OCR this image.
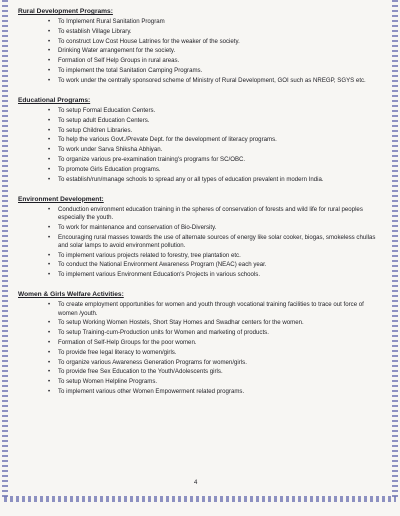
Rural Development Programs:
• To Implement Rural Sanitation Program
• To establish Village Library.
• To construct Low Cost House Latrines for the weaker of the society.
• Drinking Water arrangement for the society.
• Formation of Self Help Groups in rural areas.
• To implement the total Sanitation Camping Programs.
• To work under the centrally sponsored scheme of Ministry of Rural Development, GOI such as NREGP, SGYS etc.
Educational Programs:
• To setup Formal Education Centers.
• To setup adult Education Centers.
• To setup Children Libraries.
• To help the various Govt./Prevate Dept. for the development of literacy programs.
• To work under Sarva Shiksha Abhiyan.
• To organize various pre-examination training's programs for SC/OBC.
• To promote Girls Education programs.
• To establish/run/manage schools to spread any or all types of education prevalent in modern India.
Environment Development:
• Conduction environment education training in the spheres of conservation of forests and wild life for rural peoples especially the youth.
• To work for maintenance and conservation of Bio-Diversity.
• Encouraging rural masses towards the use of alternate sources of energy like solar cooker, biogas, smokeless chullas and solar lamps to avoid environment pollution.
• To implement various projects related to forestry, tree plantation etc.
• To conduct the National Environment Awareness Program (NEAC) each year.
• To implement various Environment Education's Projects in various schools.
Women & Girls Welfare Activities:
• To create employment opportunities for women and youth through vocational training facilities to trace out force of women /youth.
• To setup Working Women Hostels, Short Stay Homes and Swadhar centers for the women.
• To setup Training-cum-Production units for Women and marketing of products.
• Formation of Self-Help Groups for the poor women.
• To provide free legal literacy to women/girls.
• To organize various Awareness Generation Programs for women/girls.
• To provide free Sex Education to the Youth/Adolescents girls.
• To setup Women Helpline Programs.
• To implement various other Women Empowerment related programs.
4
